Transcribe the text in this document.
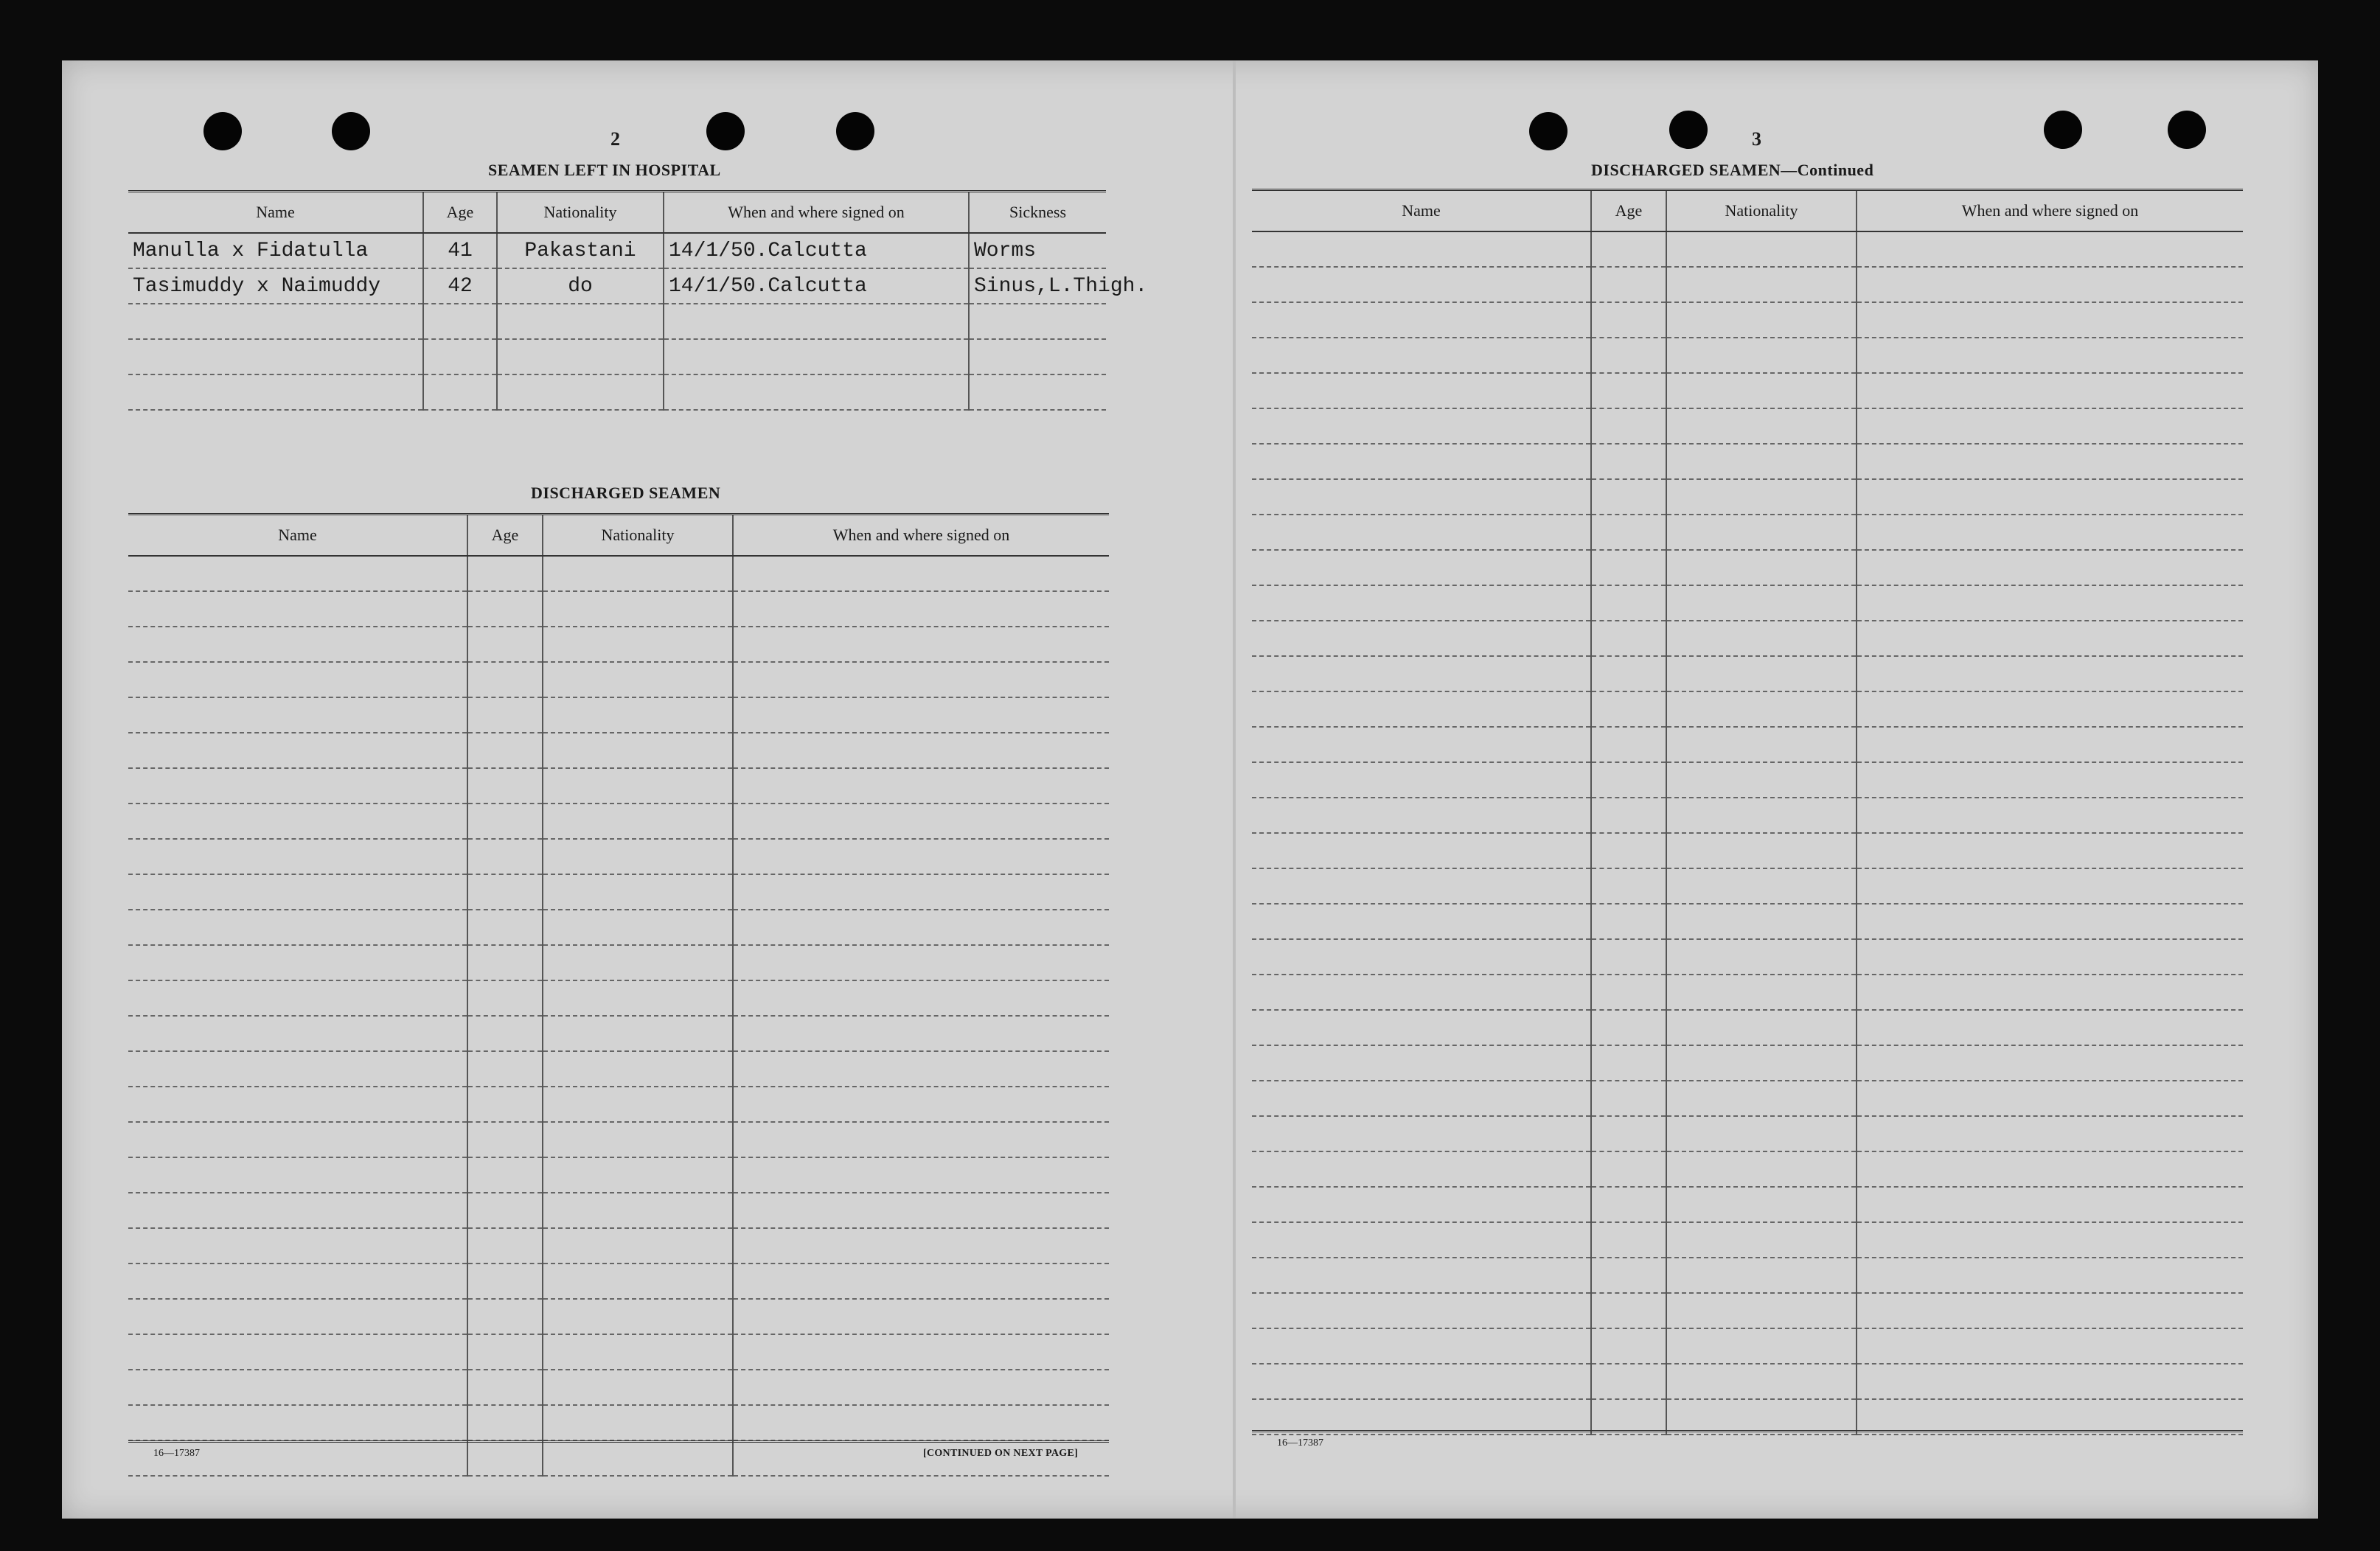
2
SEAMEN LEFT IN HOSPITAL
Name	Age	Nationality	When and where signed on	Sickness
Manulla x Fidatulla	41	Pakastani	14/1/50.Calcutta	Worms
Tasimuddy x Naimuddy	42	do	14/1/50.Calcutta	Sinus,L.Thigh.

DISCHARGED SEAMEN
Name	Age	Nationality	When and where signed on

16—17387	[CONTINUED ON NEXT PAGE]
3
DISCHARGED SEAMEN—Continued
Name	Age	Nationality	When and where signed on

16—17387
